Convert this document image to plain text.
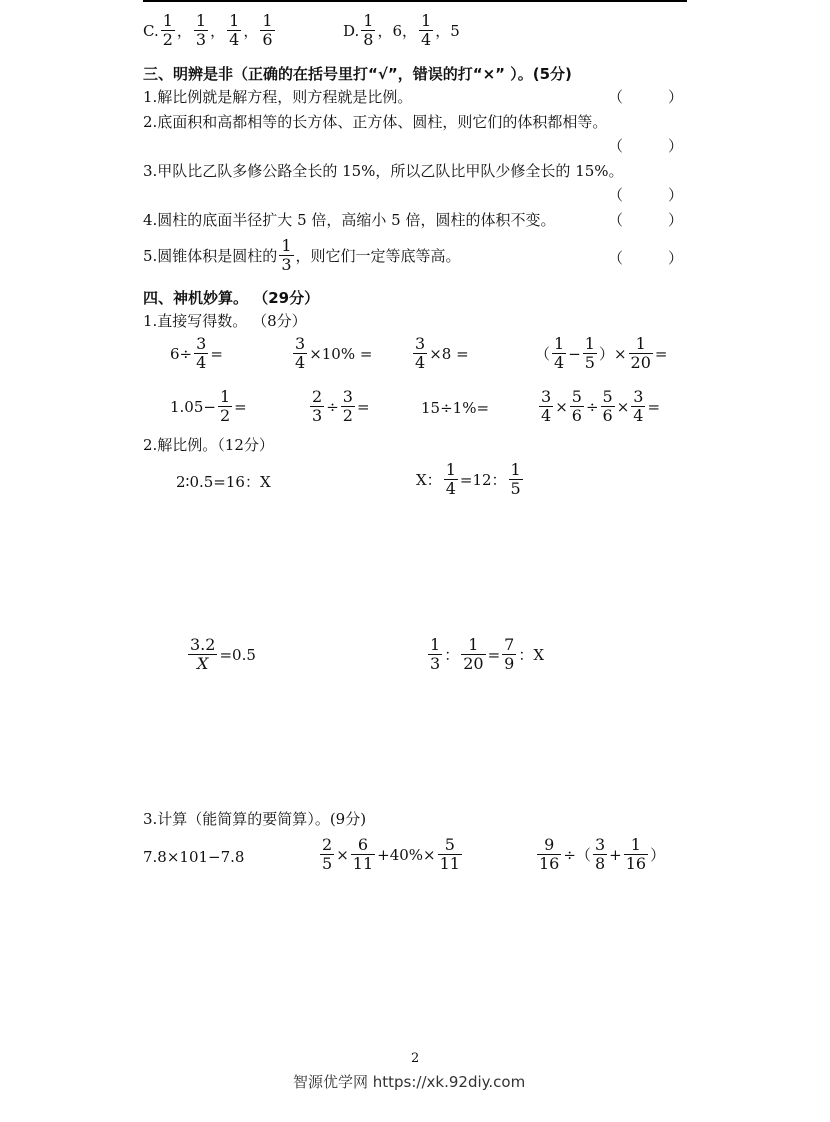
C. $\frac{1}{2}$ ， $\frac{1}{3}$ ， $\frac{1}{4}$ ， $\frac{1}{6}$	D. $\frac{1}{8}$ ，6， $\frac{1}{4}$ ，5
三、明辨是非（正确的在括号里打“√”，错误的打“×” ）。(5分)
1.解比例就是解方程，则方程就是比例。	（　　　）
2.底面积和高都相等的长方体、正方体、圆柱，则它们的体积都相等。
（　　　）
3.甲队比乙队多修公路全长的 15%，所以乙队比甲队少修全长的 15%。
（　　　）
4.圆柱的底面半径扩大 5 倍，高缩小 5 倍，圆柱的体积不变。	（　　　）
5.圆锥体积是圆柱的 $\frac{1}{3}$ ，则它们一定等底等高。	（　　　）
四、神机妙算。 （29分）
1.直接写得数。 （8分）
$6\div \frac{3}{4}$ =	$\frac{3}{4} \times 10\%$ =	$\frac{3}{4} \times 8$ =	（ $\frac{1}{4} - \frac{1}{5}$ ）× $\frac{1}{20}$ =
$1.05- \frac{1}{2}$ =	$\frac{2}{3} \div \frac{3}{2}$ =	15÷1%=	$\frac{3}{4} \times \frac{5}{6} \div \frac{5}{6} \times \frac{3}{4}$ =
2.解比例。（12分）
2∶0.5=16：X	X： $\frac{1}{4} =12$： $\frac{1}{5}$
$\frac{3.2}{X} =0.5$	$\frac{1}{3}$ ： $\frac{1}{20} = \frac{7}{9}$ ：X
3.计算（能简算的要简算）。(9分)
7.8×101−7.8	$\frac{2}{5} \times \frac{6}{11} +40\%\times \frac{5}{11}$	$\frac{9}{16}$ ÷（ $\frac{3}{8} + \frac{1}{16}$ ）
2
智源优学网 https://xk.92diy.com
